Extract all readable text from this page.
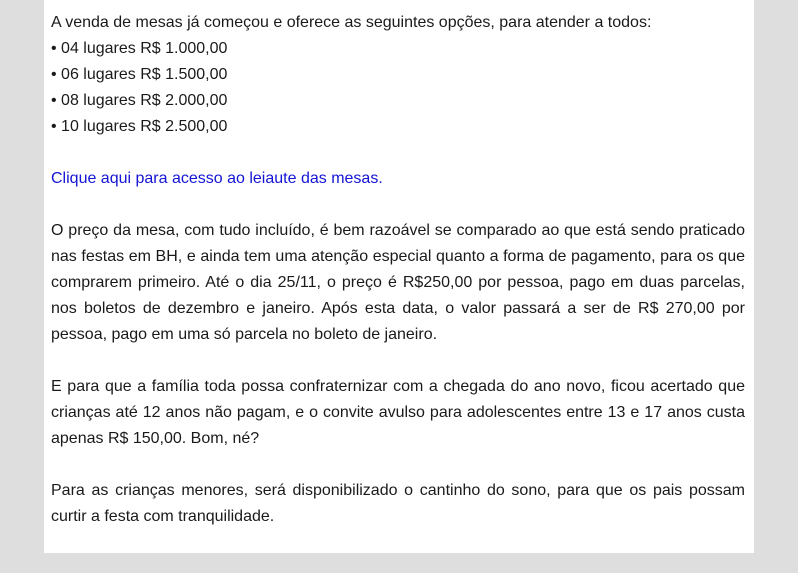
A venda de mesas já começou e oferece as seguintes opções, para atender a todos:

• 04 lugares R$ 1.000,00

• 06 lugares R$ 1.500,00

• 08 lugares R$ 2.000,00

• 10 lugares R$ 2.500,00

Clique aqui para acesso ao leiaute das mesas.

O preço da mesa, com tudo incluído, é bem razoável se comparado ao que está sendo praticado nas festas em BH, e ainda tem uma atenção especial quanto a forma de pagamento, para os que comprarem primeiro. Até o dia 25/11, o preço é R$250,00 por pessoa, pago em duas parcelas, nos boletos de dezembro e janeiro. Após esta data, o valor passará a ser de R$ 270,00 por pessoa, pago em uma só parcela no boleto de janeiro.

E para que a família toda possa confraternizar com a chegada do ano novo, ficou acertado que crianças até 12 anos não pagam, e o convite avulso para adolescentes entre 13 e 17 anos custa apenas R$ 150,00. Bom, né?

Para as crianças menores, será disponibilizado o cantinho do sono, para que os pais possam curtir a festa com tranquilidade.
